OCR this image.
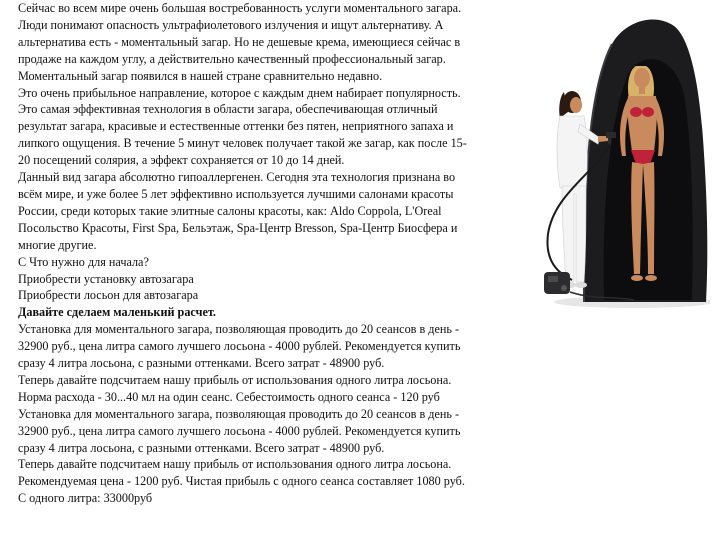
Сейчас во всем мире очень большая востребованность услуги моментального загара.
Люди понимают опасность ультрафиолетового излучения и ищут альтернативу. А
альтернатива есть - моментальный загар. Но не дешевые крема, имеющиеся сейчас в
продаже на каждом углу, а действительно качественный профессиональный загар.
Моментальный загар появился в нашей стране сравнительно недавно.
Это очень прибыльное направление, которое с каждым днем набирает популярность.
Это самая эффективная технология в области загара, обеспечивающая отличный
результат загара, красивые и естественные оттенки без пятен, неприятного запаха и
липкого ощущения. В течение 5 минут человек получает такой же загар, как после 15-
20 посещений солярия, а эффект сохраняется от 10 до 14 дней.
Данный вид загара абсолютно гипоаллергенен. Сегодня эта технология признана во
всём мире, и уже более 5 лет эффективно используется лучшими салонами красоты
России, среди которых такие элитные салоны красоты, как: Aldo Coppola, L'Oreal
Посольство Красоты, First Spa, Бельэтаж, Spa-Центр Bresson, Spa-Центр Биосфера и
многие другие.
С Что нужно для начала?
Приобрести установку автозагара
Приобрести лосьон для автозагара
Давайте сделаем маленький расчет.
Установка для моментального загара, позволяющая проводить до 20 сеансов в день -
32900 руб., цена литра самого лучшего лосьона - 4000 рублей. Рекомендуется купить
сразу 4 литра лосьона, с разными оттенками. Всего затрат - 48900 руб.
Теперь давайте подсчитаем нашу прибыль от использования одного литра лосьона.
Норма расхода - 30...40 мл на один сеанс. Себестоимость одного сеанса - 120 руб
Установка для моментального загара, позволяющая проводить до 20 сеансов в день -
32900 руб., цена литра самого лучшего лосьона - 4000 рублей. Рекомендуется купить
сразу 4 литра лосьона, с разными оттенками. Всего затрат - 48900 руб.
Теперь давайте подсчитаем нашу прибыль от использования одного литра лосьона.
Рекомендуемая цена - 1200 руб. Чистая прибыль с одного сеанса составляет 1080 руб.
С одного литра: 33000руб
